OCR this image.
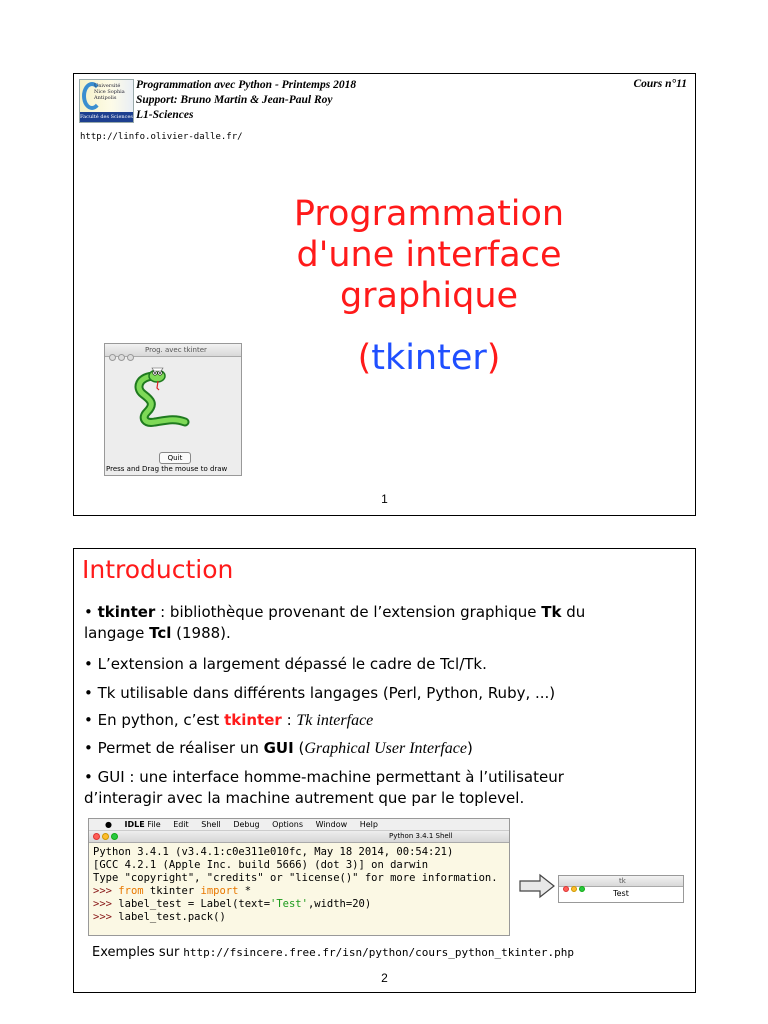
Université Nice Sophia Antipolis
Faculté des Sciences
Programmation avec Python - Printemps 2018
Support: Bruno Martin & Jean-Paul Roy
L1-Sciences
Cours n°11
http://linfo.olivier-dalle.fr/
Programmation
d'une interface
graphique
(tkinter)
Prog. avec tkinter
Quit
Press and Drag the mouse to draw
1
Introduction
• tkinter : bibliothèque provenant de l’extension graphique Tk du
langage Tcl (1988).
• L’extension a largement dépassé le cadre de Tcl/Tk.
• Tk utilisable dans différents langages (Perl, Python, Ruby, ...)
• En python, c’est tkinter : Tk interface
• Permet de réaliser un GUI (Graphical User Interface)
• GUI : une interface homme-machine permettant à l’utilisateur
d’interagir avec la machine autrement que par le toplevel.
● IDLE File Edit Shell Debug Options Window Help
Python 3.4.1 Shell
Python 3.4.1 (v3.4.1:c0e311e010fc, May 18 2014, 00:54:21)
[GCC 4.2.1 (Apple Inc. build 5666) (dot 3)] on darwin
Type "copyright", "credits" or "license()" for more information.
>>> from tkinter import *
>>> label_test = Label(text='Test',width=20)
>>> label_test.pack()
tk
Test
Exemples sur http://fsincere.free.fr/isn/python/cours_python_tkinter.php
2
